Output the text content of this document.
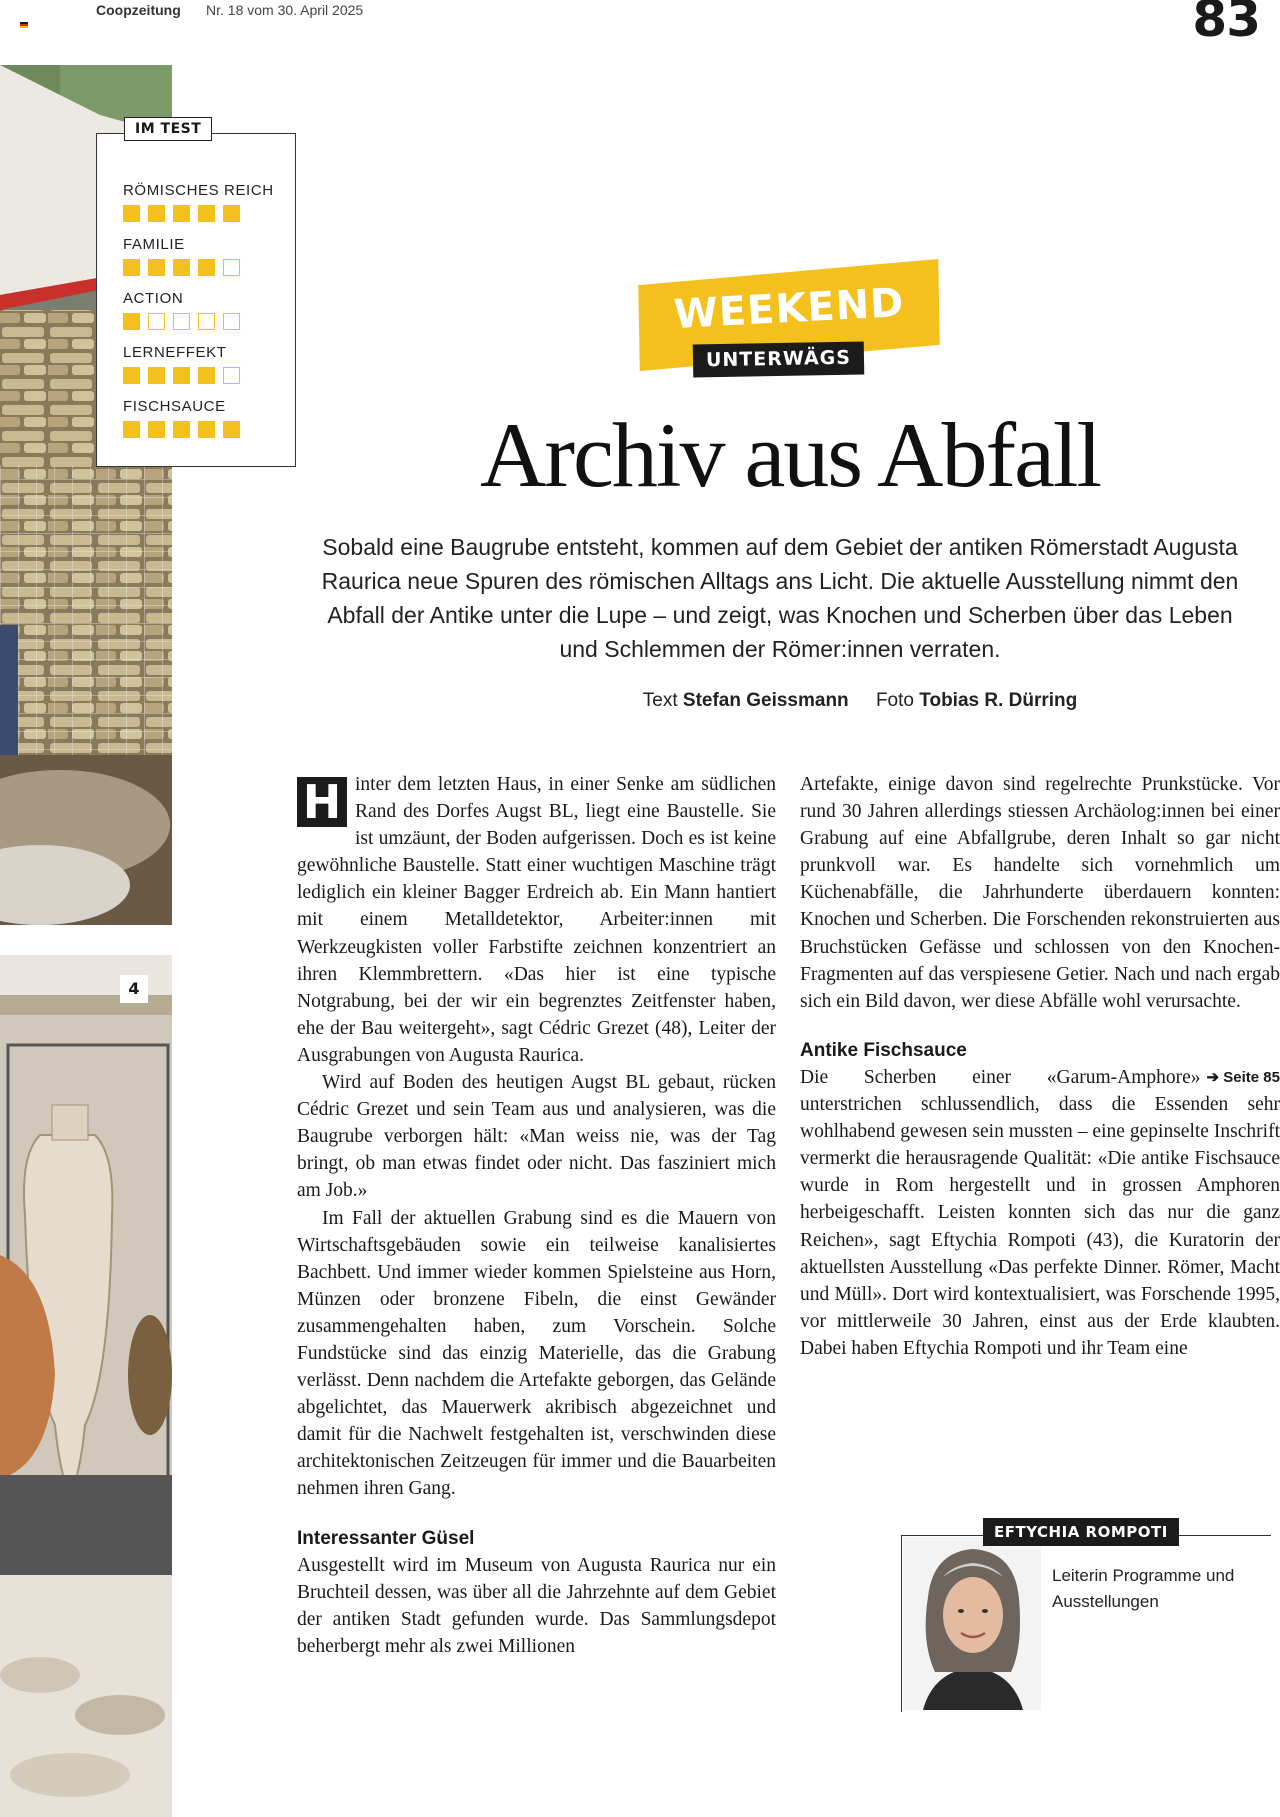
Coopzeitung Nr. 18 vom 30. April 2025	83
4
RÖMISCHES REICH
FAMILIE
ACTION
LERNEFFEKT
FISCHSAUCE
IM TEST
WEEKEND
UNTERWÄGS
Archiv aus Abfall
Sobald eine Baugrube entsteht, kommen auf dem Gebiet der antiken Römerstadt Augusta Raurica neue Spuren des römischen Alltags ans Licht. Die aktuelle Ausstellung nimmt den Abfall der Antike unter die Lupe – und zeigt, was Knochen und Scherben über das Leben und Schlemmen der Römer:innen verraten.
Text Stefan Geissmann Foto Tobias R. Dürring

H inter dem letzten Haus, in einer Senke am südlichen Rand des Dorfes Augst BL, liegt eine Baustelle. Sie ist umzäunt, der Boden aufgerissen. Doch es ist keine gewöhnliche Baustelle. Statt einer wuchtigen Maschine trägt lediglich ein kleiner Bagger Erdreich ab. Ein Mann hantiert mit einem Metalldetektor, Arbeiter:innen mit Werkzeugkisten voller Farbstifte zeichnen konzentriert an ihren Klemmbrettern. «Das hier ist eine typische Notgrabung, bei der wir ein begrenztes Zeitfenster haben, ehe der Bau weitergeht», sagt Cédric Grezet (48), Leiter der Ausgrabungen von Augusta Raurica.

Wird auf Boden des heutigen Augst BL gebaut, rücken Cédric Grezet und sein Team aus und analysieren, was die Baugrube verborgen hält: «Man weiss nie, was der Tag bringt, ob man etwas findet oder nicht. Das fasziniert mich am Job.»

Im Fall der aktuellen Grabung sind es die Mauern von Wirtschaftsgebäuden sowie ein teilweise kanalisiertes Bachbett. Und immer wieder kommen Spielsteine aus Horn, Münzen oder bronzene Fibeln, die einst Gewänder zusammengehalten haben, zum Vorschein. Solche Fundstücke sind das einzig Materielle, das die Grabung verlässt. Denn nachdem die Artefakte geborgen, das Gelände abgelichtet, das Mauerwerk akribisch abgezeichnet und damit für die Nachwelt festgehalten ist, verschwinden diese architektonischen Zeitzeugen für immer und die Bauarbeiten nehmen ihren Gang.

Interessanter Güsel

Ausgestellt wird im Museum von Augusta Raurica nur ein Bruchteil dessen, was über all die Jahrzehnte auf dem Gebiet der antiken Stadt gefunden wurde. Das Sammlungsdepot beherbergt mehr als zwei Millionen

Artefakte, einige davon sind regelrechte Prunkstücke. Vor rund 30 Jahren allerdings stiessen Archäolog:innen bei einer Grabung auf eine Abfallgrube, deren Inhalt so gar nicht prunkvoll war. Es handelte sich vornehmlich um Küchenabfälle, die Jahrhunderte überdauern konnten: Knochen und Scherben. Die Forschenden rekonstruierten aus Bruchstücken Gefässe und schlossen von den Knochen-Fragmenten auf das verspiesene Getier. Nach und nach ergab sich ein Bild davon, wer diese Abfälle wohl verursachte.

Antike Fischsauce

➔ Seite 85
Die Scherben einer «Garum-Amphore» unterstrichen schlussendlich, dass die Essenden sehr wohlhabend gewesen sein mussten – eine gepinselte Inschrift vermerkt die herausragende Qualität: «Die antike Fischsauce wurde in Rom hergestellt und in grossen Amphoren herbeigeschafft. Leisten konnten sich das nur die ganz Reichen», sagt Eftychia Rompoti (43), die Kuratorin der aktuellsten Ausstellung «Das perfekte Dinner. Römer, Macht und Müll». Dort wird kontextualisiert, was Forschende 1995, vor mittlerweile 30 Jahren, einst aus der Erde klaubten. Dabei haben Eftychia Rompoti und ihr Team eine

EFTYCHIA ROMPOTI
Leiterin Programme und Ausstellungen
